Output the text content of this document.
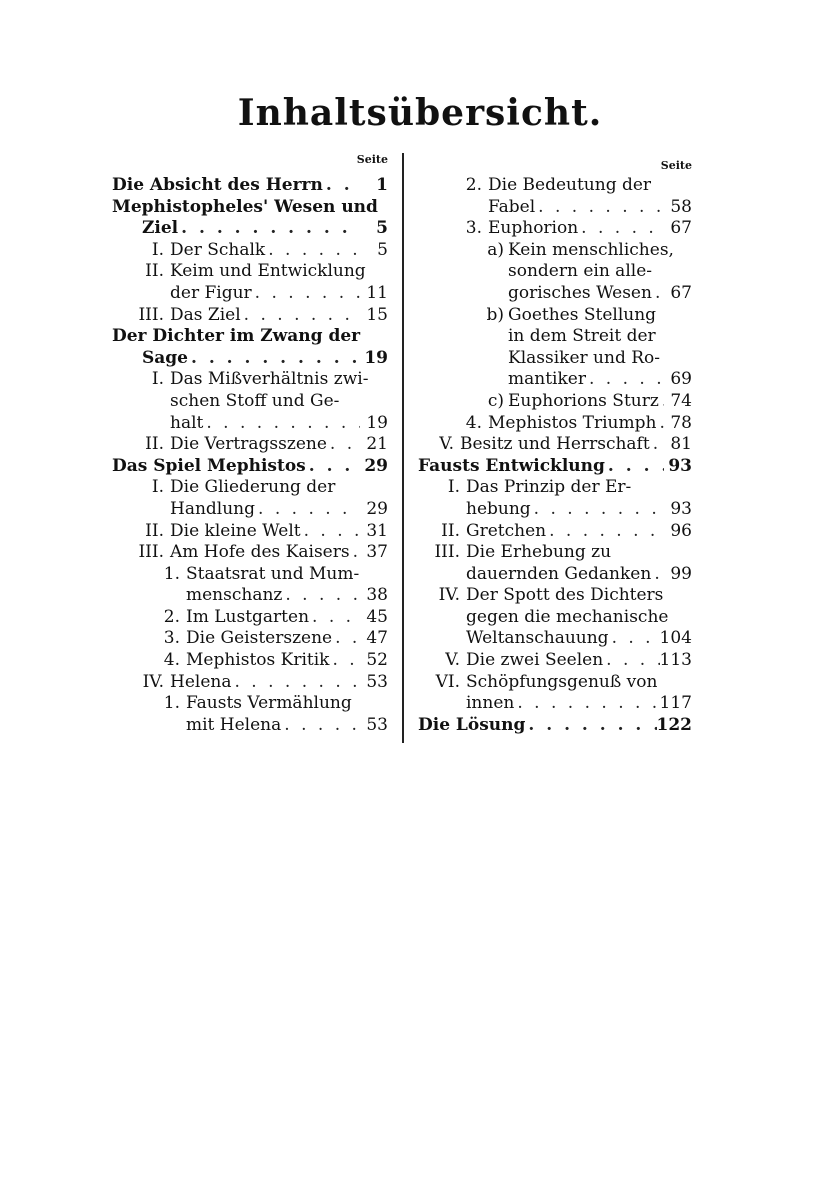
Inhaltsübersicht.
Seite
Die Absicht des Herrn . . .	1
Mephistopheles' Wesen und
Ziel . . .	5
I. Der Schalk . . .	5
II. Keim und Entwicklung
der Figur . . .	11
III. Das Ziel . . .	15
Der Dichter im Zwang der
Sage . . .	19
I. Das Mißverhältnis zwi-
schen Stoff und Ge-
halt . . .	19
II. Die Vertragsszene . . .	21
Das Spiel Mephistos . . .	29
I. Die Gliederung der
Handlung . . .	29
II. Die kleine Welt . . .	31
III. Am Hofe des Kaisers . . . 37
1. Staatsrat und Mum-
menschanz . . .	38
2. Im Lustgarten . . .	45
3. Die Geisterszene . . .	47
4. Mephistos Kritik . . .	52
IV. Helena . . .	53
1. Fausts Vermählung
mit Helena . . .	53
Seite
2. Die Bedeutung der
Fabel . . .	58
3. Euphorion . . .	67
a) Kein menschliches,
sondern ein alle-
gorisches Wesen . . .	67
b) Goethes Stellung
in dem Streit der
Klassiker und Ro-
mantiker . . .	69
c) Euphorions Sturz . . . 74
4. Mephistos Triumph . . . 78
V. Besitz und Herrschaft . . .	81
Fausts Entwicklung . . .	93
I. Das Prinzip der Er-
hebung . . .	93
II. Gretchen . . .	96
III. Die Erhebung zu
dauernden Gedanken . . .	99
IV. Der Spott des Dichters
gegen die mechanische
Weltanschauung . . .	104
V. Die zwei Seelen . . .	113
VI. Schöpfungsgenuß von
innen . . .	117
Die Lösung . . .	122
